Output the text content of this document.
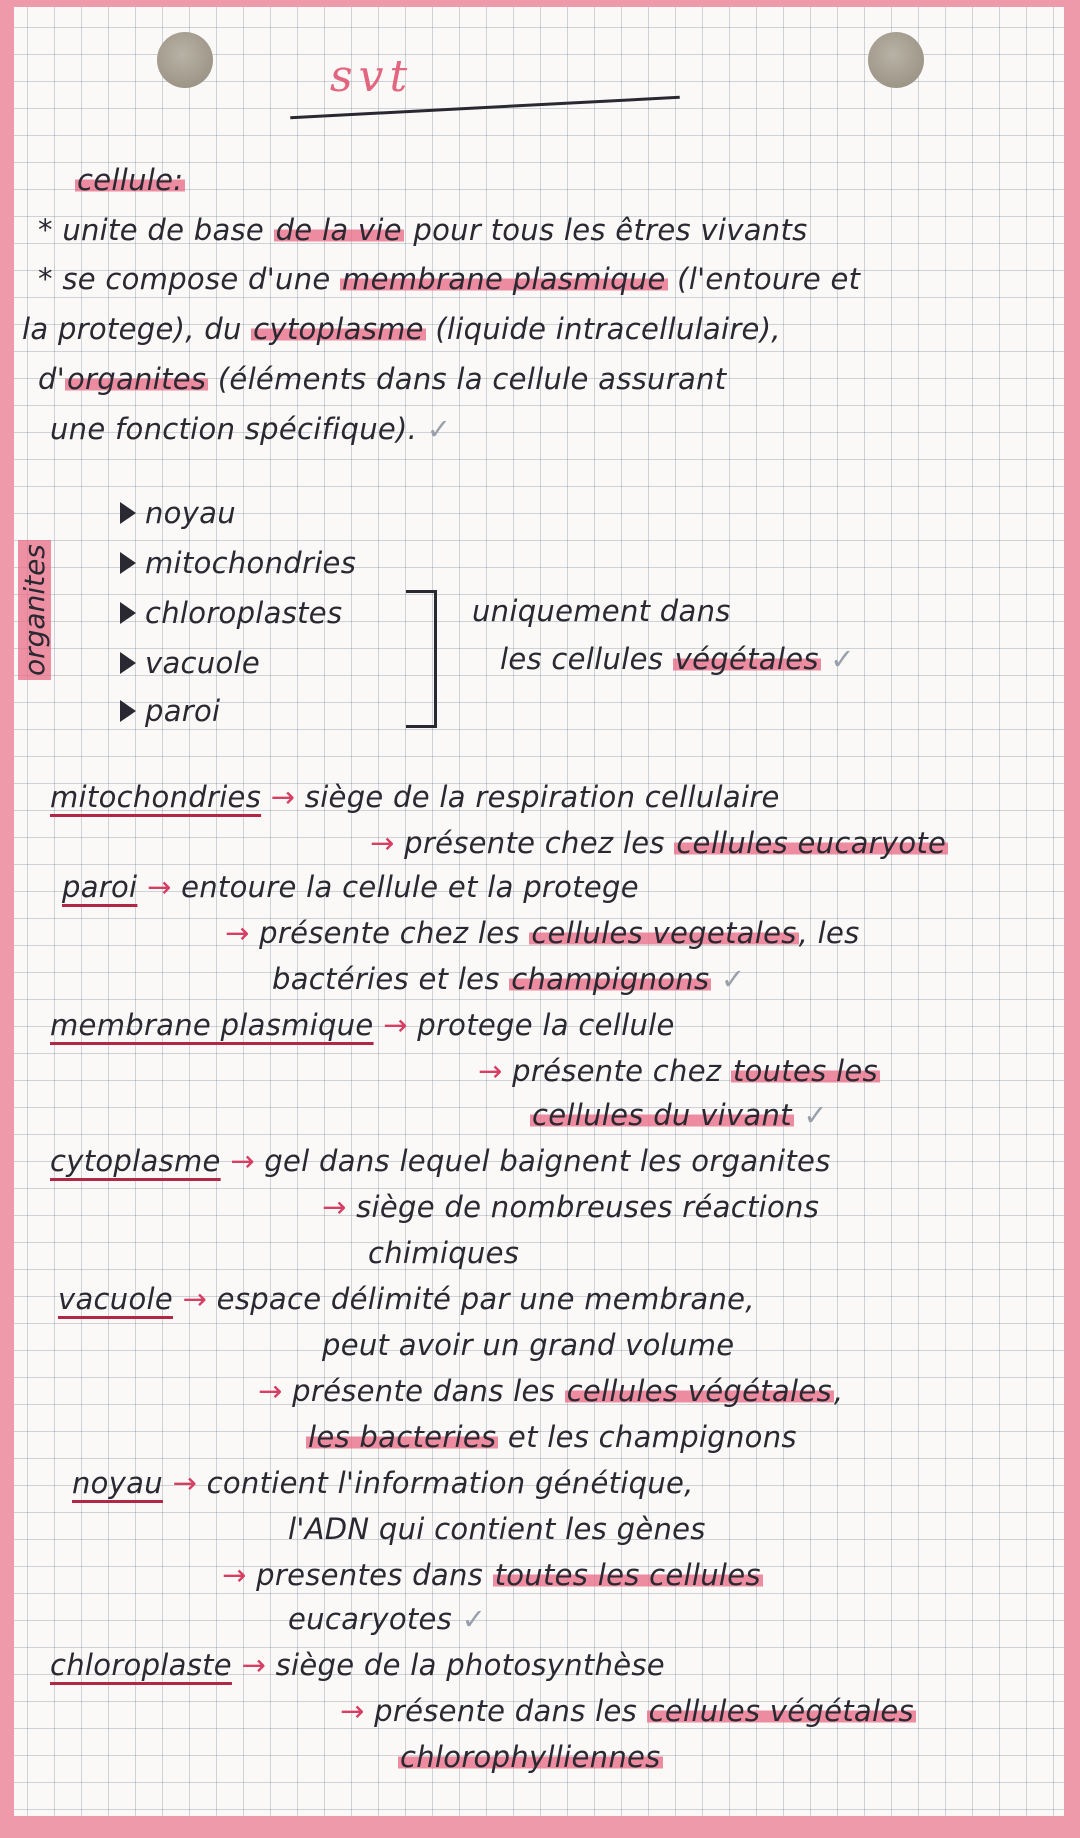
svt
cellule:
* unite de base de la vie pour tous les êtres vivants
* se compose d'une membrane plasmique (l'entoure et
la protege), du cytoplasme (liquide intracellulaire),
d'organites (éléments dans la cellule assurant
une fonction spécifique). ✓
organites
noyau
mitochondries
chloroplastes
vacuole
paroi
uniquement dans
les cellules végétales ✓
mitochondries → siège de la respiration cellulaire
→ présente chez les cellules eucaryote
paroi → entoure la cellule et la protege
→ présente chez les cellules vegetales, les
bactéries et les champignons ✓
membrane plasmique → protege la cellule
→ présente chez toutes les
cellules du vivant ✓
cytoplasme → gel dans lequel baignent les organites
→ siège de nombreuses réactions
chimiques
vacuole → espace délimité par une membrane,
peut avoir un grand volume
→ présente dans les cellules végétales,
les bacteries et les champignons
noyau → contient l'information génétique,
l'ADN qui contient les gènes
→ presentes dans toutes les cellules
eucaryotes ✓
chloroplaste → siège de la photosynthèse
→ présente dans les cellules végétales
chlorophylliennes
